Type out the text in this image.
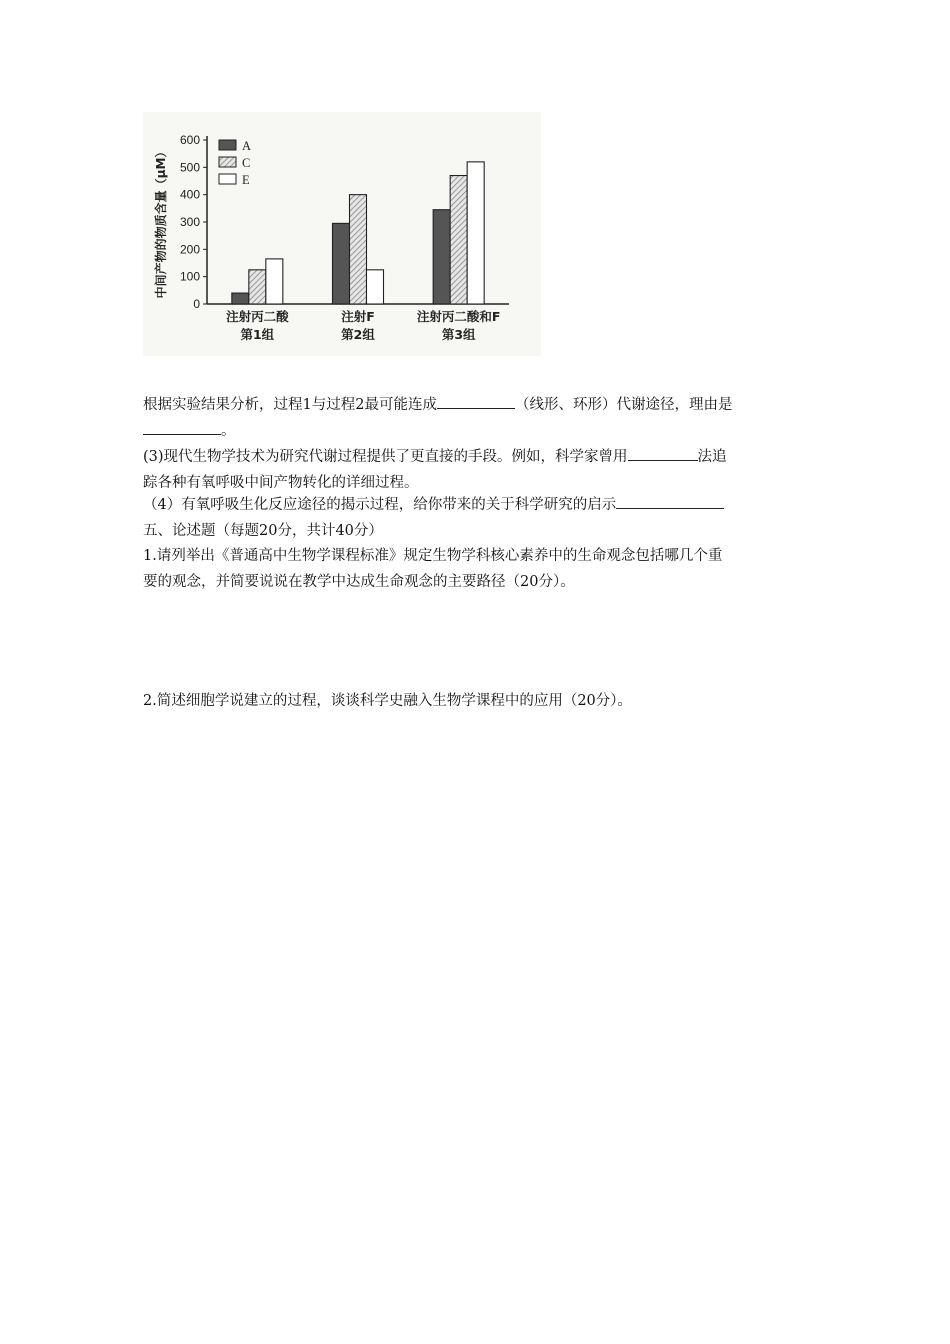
0
100
200
300
400
500
600
中间产物的物质含量（μM）
注射丙二酸
第1组
注射F
第2组
注射丙二酸和F
第3组
A
C
E
根据实验结果分析，过程1与过程2最可能连成	（线形、环形）代谢途径，理由是
。
(3)现代生物学技术为研究代谢过程提供了更直接的手段。例如，科学家曾用	法追
踪各种有氧呼吸中间产物转化的详细过程。
（4）有氧呼吸生化反应途径的揭示过程，给你带来的关于科学研究的启示
五、论述题（每题20分，共计40分）
1.请列举出《普通高中生物学课程标准》规定生物学科核心素养中的生命观念包括哪几个重
要的观念，并简要说说在教学中达成生命观念的主要路径（20分）。
2.简述细胞学说建立的过程，谈谈科学史融入生物学课程中的应用（20分）。
